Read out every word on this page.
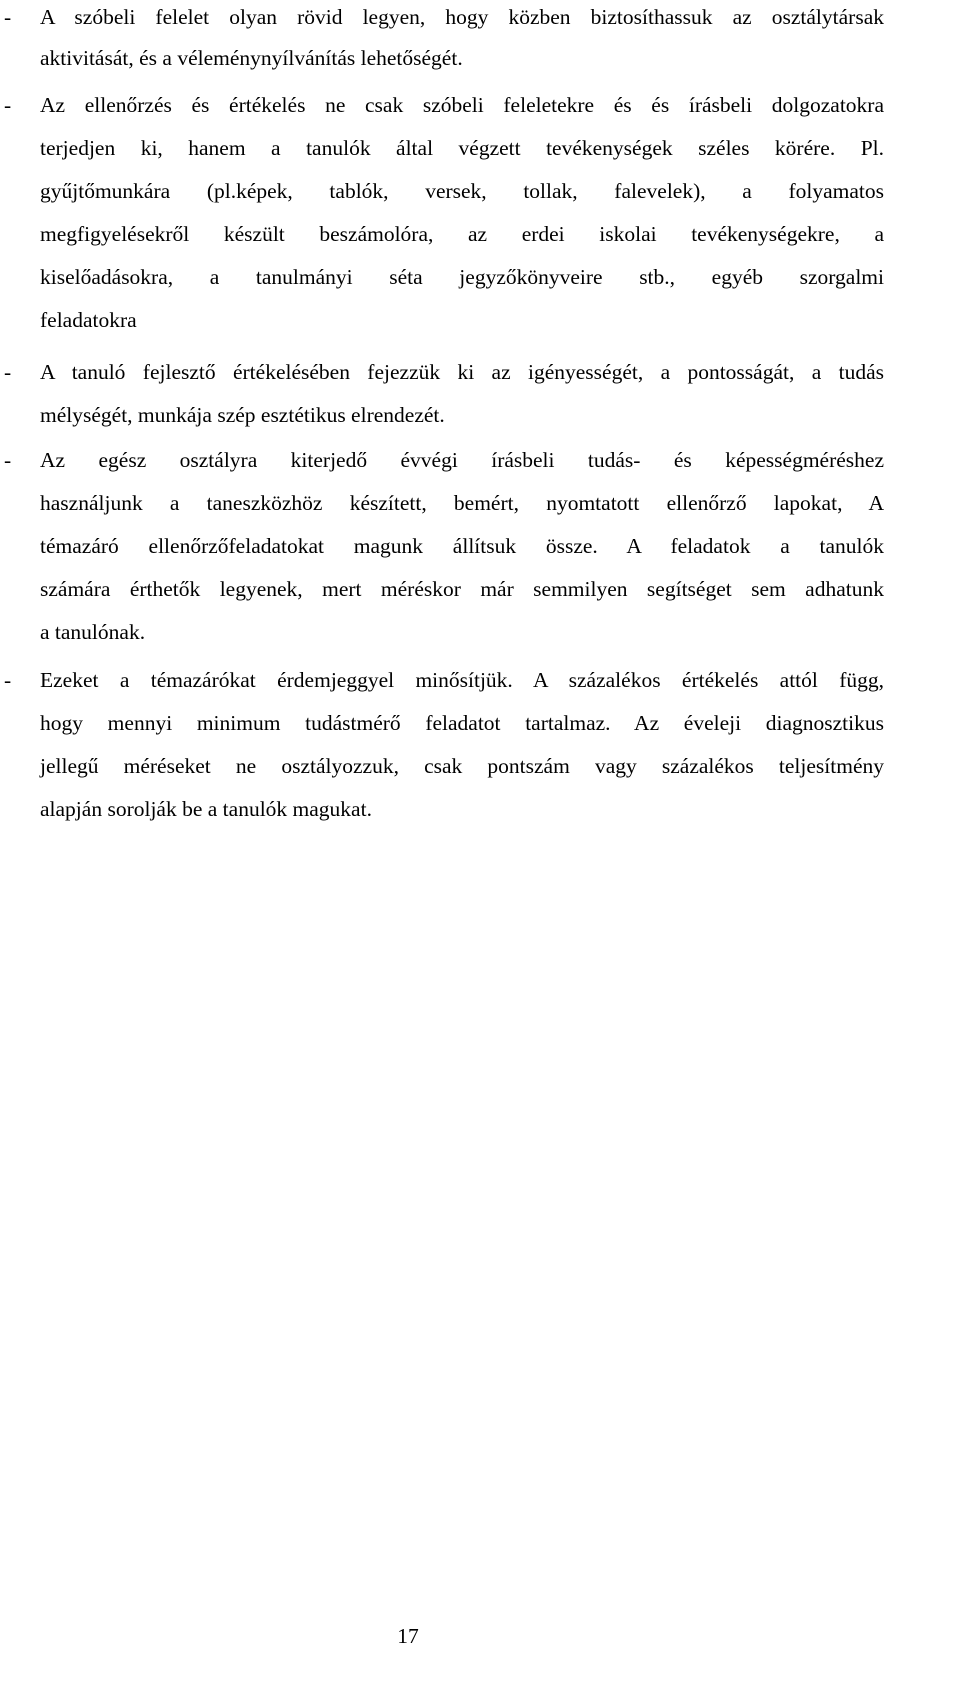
- A szóbeli felelet olyan rövid legyen, hogy közben biztosíthassuk az osztálytársak
aktivitását, és a véleménynyílvánítás lehetőségét.
- Az ellenőrzés és értékelés ne csak szóbeli feleletekre és és írásbeli dolgozatokra
terjedjen ki, hanem a tanulók által végzett tevékenységek széles körére. Pl.
gyűjtőmunkára (pl.képek, tablók, versek, tollak, falevelek), a folyamatos
megfigyelésekről készült beszámolóra, az erdei iskolai tevékenységekre, a
kiselőadásokra, a tanulmányi séta jegyzőkönyveire stb., egyéb szorgalmi
feladatokra
- A tanuló fejlesztő értékelésében fejezzük ki az igényességét, a pontosságát, a tudás
mélységét, munkája szép esztétikus elrendezét.
- Az egész osztályra kiterjedő évvégi írásbeli tudás- és képességméréshez
használjunk a taneszközhöz készített, bemért, nyomtatott ellenőrző lapokat, A
témazáró ellenőrzőfeladatokat magunk állítsuk össze. A feladatok a tanulók
számára érthetők legyenek, mert méréskor már semmilyen segítséget sem adhatunk
a tanulónak.
- Ezeket a témazárókat érdemjeggyel minősítjük. A százalékos értékelés attól függ,
hogy mennyi minimum tudástmérő feladatot tartalmaz. Az éveleji diagnosztikus
jellegű méréseket ne osztályozzuk, csak pontszám vagy százalékos teljesítmény
alapján sorolják be a tanulók magukat.
17
